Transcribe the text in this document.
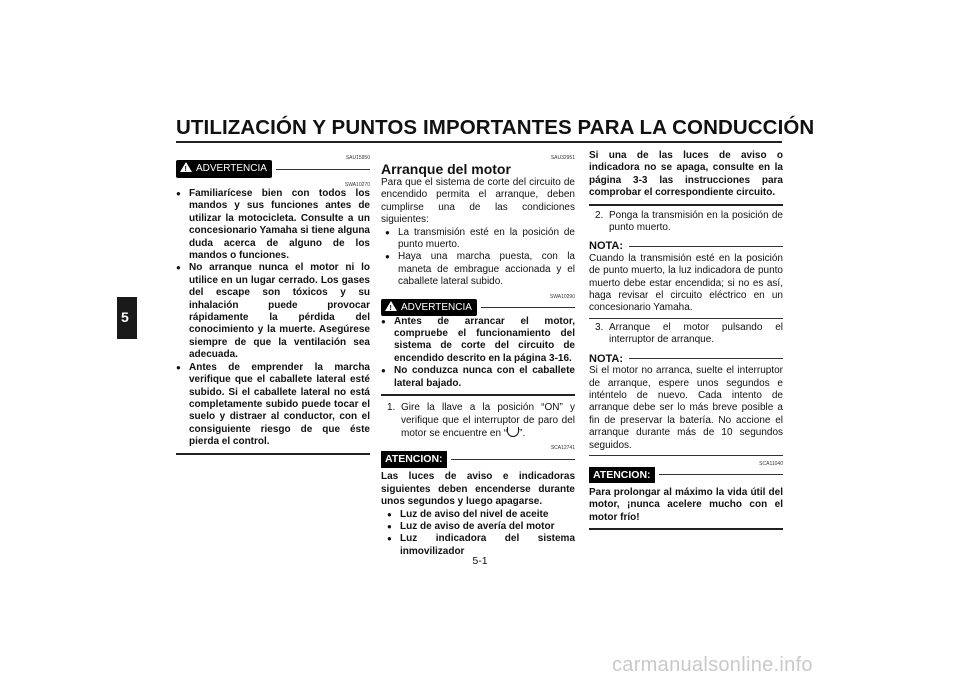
UTILIZACIÓN Y PUNTOS IMPORTANTES PARA LA CONDUCCIÓN
5
SAU15950
! ADVERTENCIA
SWA10270
● Familiarícese bien con todos los mandos y sus funciones antes de utilizar la motocicleta. Consulte a un concesionario Yamaha si tiene alguna duda acerca de alguno de los mandos o funciones.
● No arranque nunca el motor ni lo utilice en un lugar cerrado. Los gases del escape son tóxicos y su inhalación puede provocar rápidamente la pérdida del conocimiento y la muerte. Asegúrese siempre de que la ventilación sea adecuada.
● Antes de emprender la marcha verifique que el caballete lateral esté subido. Si el caballete lateral no está completamente subido puede tocar el suelo y distraer al conductor, con el consiguiente riesgo de que éste pierda el control.
SAU32951
Arranque del motor
Para que el sistema de corte del circuito de encendido permita el arranque, deben cumplirse una de las condiciones siguientes:
● La transmisión esté en la posición de punto muerto.
● Haya una marcha puesta, con la maneta de embrague accionada y el caballete lateral subido.
SWA10290
! ADVERTENCIA
● Antes de arrancar el motor, compruebe el funcionamiento del sistema de corte del circuito de encendido descrito en la página 3-16.
● No conduzca nunca con el caballete lateral bajado.
1. Gire la llave a la posición “ON” y verifique que el interruptor de paro del motor se encuentre en “ ”.
SCA12741
ATENCION:
Las luces de aviso e indicadoras siguientes deben encenderse durante unos segundos y luego apagarse.
● Luz de aviso del nivel de aceite
● Luz de aviso de avería del motor
● Luz indicadora del sistema inmovilizador
Si una de las luces de aviso o indicadora no se apaga, consulte en la página 3-3 las instrucciones para comprobar el correspondiente circuito.
2. Ponga la transmisión en la posición de punto muerto.
NOTA:
Cuando la transmisión esté en la posición de punto muerto, la luz indicadora de punto muerto debe estar encendida; si no es así, haga revisar el circuito eléctrico en un concesionario Yamaha.
3. Arranque el motor pulsando el interruptor de arranque.
NOTA:
Si el motor no arranca, suelte el interruptor de arranque, espere unos segundos e inténtelo de nuevo. Cada intento de arranque debe ser lo más breve posible a fin de preservar la batería. No accione el arranque durante más de 10 segundos seguidos.
SCA11040
ATENCION:
Para prolongar al máximo la vida útil del motor, ¡nunca acelere mucho con el motor frío!
5-1
carmanualsonline.info
